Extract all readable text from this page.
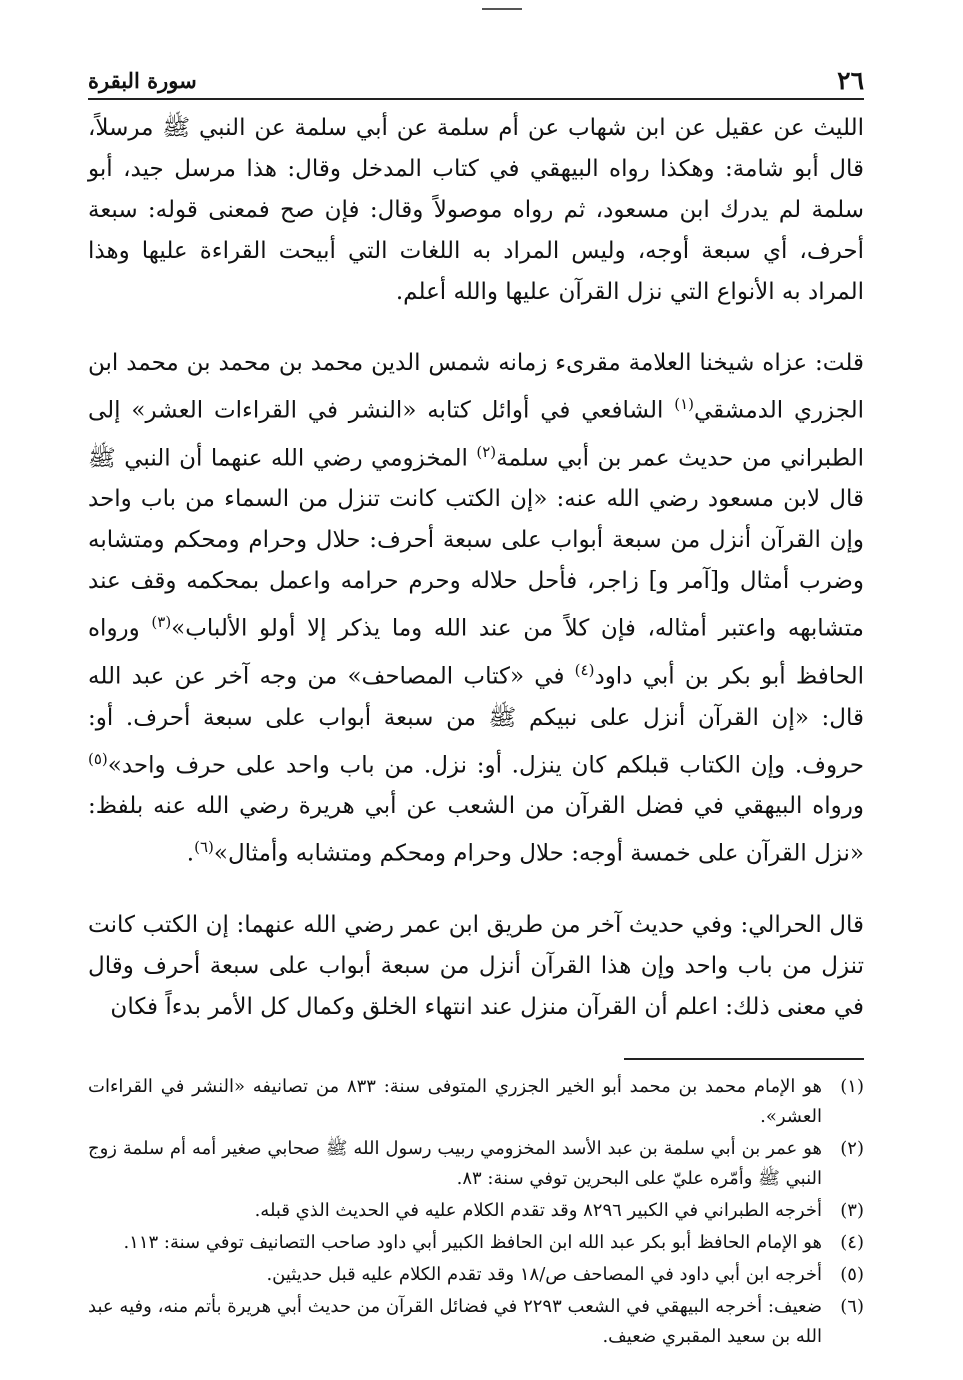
٢٦
سورة البقرة

الليث عن عقيل عن ابن شهاب عن أم سلمة عن أبي سلمة عن النبي ﷺ مرسلاً، قال أبو شامة: وهكذا رواه البيهقي في كتاب المدخل وقال: هذا مرسل جيد، أبو سلمة لم يدرك ابن مسعود، ثم رواه موصولاً وقال: فإن صح فمعنى قوله: سبعة أحرف، أي سبعة أوجه، وليس المراد به اللغات التي أبيحت القراءة عليها وهذا المراد به الأنواع التي نزل القرآن عليها والله أعلم.

قلت: عزاه شيخنا العلامة مقرىء زمانه شمس الدين محمد بن محمد بن محمد ابن الجزري الدمشقي$^{(١)}$ الشافعي في أوائل كتابه «النشر في القراءات العشر» إلى الطبراني من حديث عمر بن أبي سلمة$^{(٢)}$ المخزومي رضي الله عنهما أن النبي ﷺ قال لابن مسعود رضي الله عنه: «إن الكتب كانت تنزل من السماء من باب واحد وإن القرآن أنزل من سبعة أبواب على سبعة أحرف: حلال وحرام ومحكم ومتشابه وضرب أمثال و[آمر و] زاجر، فأحل حلاله وحرم حرامه واعمل بمحكمه وقف عند متشابهه واعتبر أمثاله، فإن كلاً من عند الله وما يذكر إلا أولو الألباب»$^{(٣)}$ ورواه الحافظ أبو بكر بن أبي داود$^{(٤)}$ في «كتاب المصاحف» من وجه آخر عن عبد الله قال: «إن القرآن أنزل على نبيكم ﷺ من سبعة أبواب على سبعة أحرف. أو: حروف. وإن الكتاب قبلكم كان ينزل. أو: نزل. من باب واحد على حرف واحد»$^{(٥)}$ ورواه البيهقي في فضل القرآن من الشعب عن أبي هريرة رضي الله عنه بلفظ: «نزل القرآن على خمسة أوجه: حلال وحرام ومحكم ومتشابه وأمثال»$^{(٦)}$.

قال الحرالي: وفي حديث آخر من طريق ابن عمر رضي الله عنهما: إن الكتب كانت تنزل من باب واحد وإن هذا القرآن أنزل من سبعة أبواب على سبعة أحرف وقال في معنى ذلك: اعلم أن القرآن منزل عند انتهاء الخلق وكمال كل الأمر بدءاً فكان

(١)
هو الإمام محمد بن محمد أبو الخير الجزري المتوفى سنة: ٨٣٣ من تصانيفه «النشر في القراءات العشر».
(٢)
هو عمر بن أبي سلمة بن عبد الأسد المخزومي ربيب رسول الله ﷺ صحابي صغير أمه أم سلمة زوج النبي ﷺ وأمّره عليّ على البحرين توفي سنة: ٨٣.
(٣)
أخرجه الطبراني في الكبير ٨٢٩٦ وقد تقدم الكلام عليه في الحديث الذي قبله.
(٤)
هو الإمام الحافظ أبو بكر عبد الله ابن الحافظ الكبير أبي داود صاحب التصانيف توفي سنة: ١١٣.
(٥)
أخرجه ابن أبي داود في المصاحف ص/١٨ وقد تقدم الكلام عليه قبل حديثين.
(٦)
ضعيف: أخرجه البيهقي في الشعب ٢٢٩٣ في فضائل القرآن من حديث أبي هريرة بأتم منه، وفيه عبد الله بن سعيد المقبري ضعيف.
